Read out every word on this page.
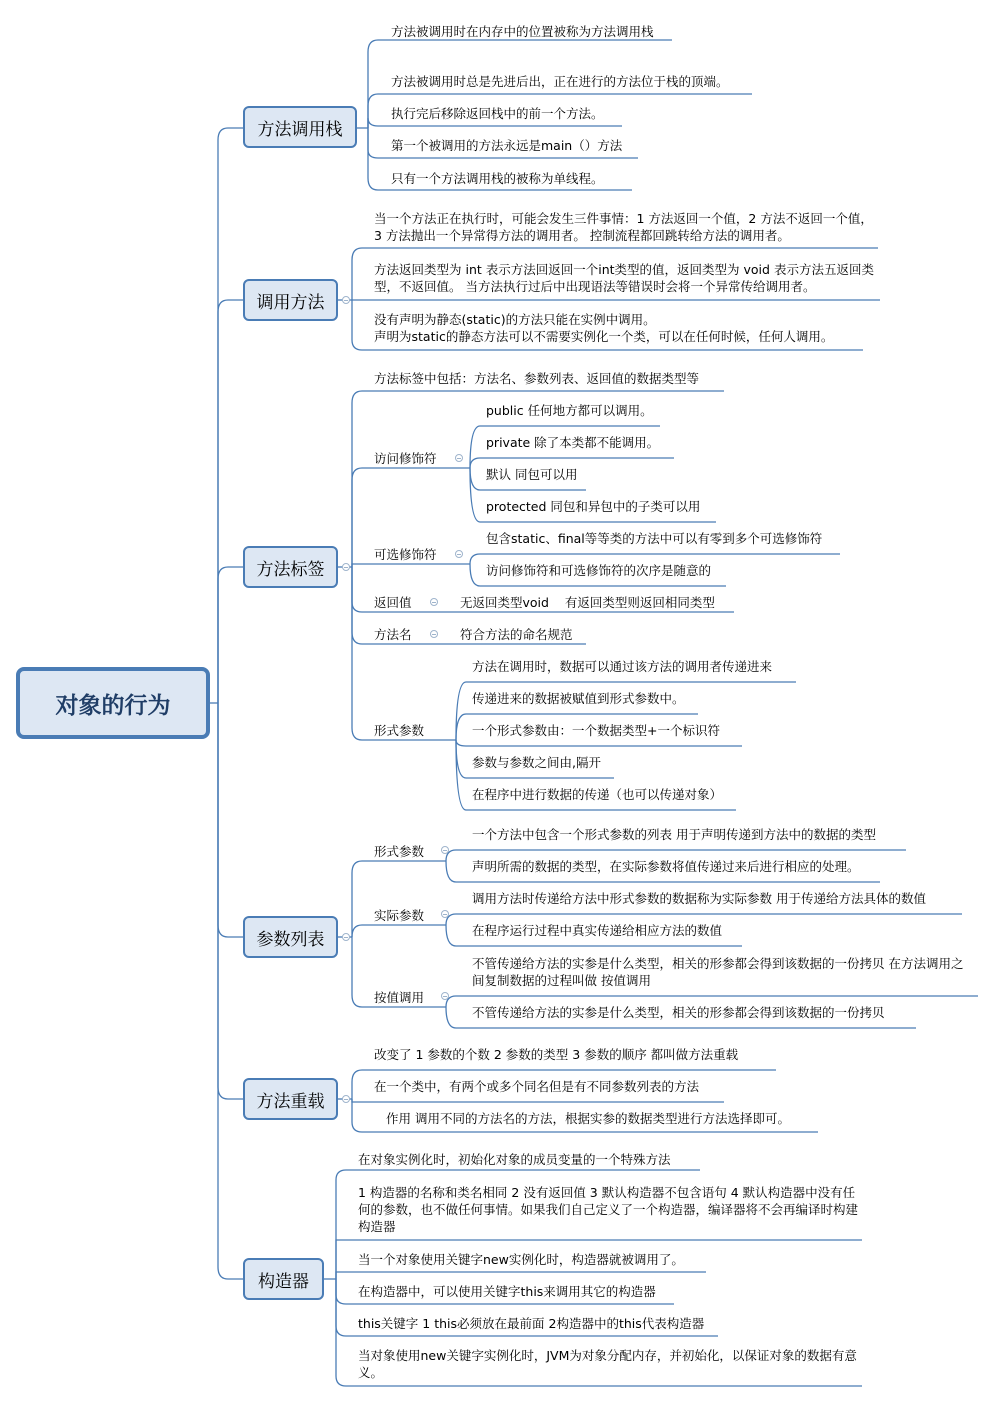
对象的行为
方法调用栈
调用方法
方法标签
参数列表
方法重载
构造器
方法被调用时在内存中的位置被称为方法调用栈
方法被调用时总是先进后出，正在进行的方法位于栈的顶端。
执行完后移除返回栈中的前一个方法。
第一个被调用的方法永远是main（）方法
只有一个方法调用栈的被称为单线程。
当一个方法正在执行时，可能会发生三件事情：1 方法返回一个值，2 方法不返回一个值，3 方法抛出一个异常得方法的调用者。 控制流程都回跳转给方法的调用者。
方法返回类型为 int 表示方法回返回一个int类型的值，返回类型为 void 表示方法五返回类型，不返回值。 当方法执行过后中出现语法等错误时会将一个异常传给调用者。
没有声明为静态(static)的方法只能在实例中调用。
声明为static的静态方法可以不需要实例化一个类，可以在任何时候，任何人调用。
方法标签中包括：方法名、参数列表、返回值的数据类型等
访问修饰符
public 任何地方都可以调用。
private 除了本类都不能调用。
默认 同包可以用
protected 同包和异包中的子类可以用
可选修饰符
包含static、final等等类的方法中可以有零到多个可选修饰符
访问修饰符和可选修饰符的次序是随意的
返回值	无返回类型void    有返回类型则返回相同类型
方法名	符合方法的命名规范
形式参数
方法在调用时，数据可以通过该方法的调用者传递进来
传递进来的数据被赋值到形式参数中。
一个形式参数由：一个数据类型+一个标识符
参数与参数之间由,隔开
在程序中进行数据的传递（也可以传递对象）
形式参数
一个方法中包含一个形式参数的列表 用于声明传递到方法中的数据的类型
声明所需的数据的类型，在实际参数将值传递过来后进行相应的处理。
实际参数
调用方法时传递给方法中形式参数的数据称为实际参数 用于传递给方法具体的数值
在程序运行过程中真实传递给相应方法的数值
按值调用
不管传递给方法的实参是什么类型，相关的形参都会得到该数据的一份拷贝 在方法调用之间复制数据的过程叫做 按值调用
不管传递给方法的实参是什么类型，相关的形参都会得到该数据的一份拷贝
改变了 1 参数的个数 2 参数的类型 3 参数的顺序 都叫做方法重载
在一个类中，有两个或多个同名但是有不同参数列表的方法
作用 调用不同的方法名的方法，根据实参的数据类型进行方法选择即可。
在对象实例化时，初始化对象的成员变量的一个特殊方法
1 构造器的名称和类名相同 2 没有返回值 3 默认构造器不包含语句 4 默认构造器中没有任何的参数，也不做任何事情。如果我们自己定义了一个构造器，编译器将不会再编译时构建构造器
当一个对象使用关键字new实例化时，构造器就被调用了。
在构造器中，可以使用关键字this来调用其它的构造器
this关键字 1 this必须放在最前面 2构造器中的this代表构造器
当对象使用new关键字实例化时，JVM为对象分配内存，并初始化，以保证对象的数据有意义。
